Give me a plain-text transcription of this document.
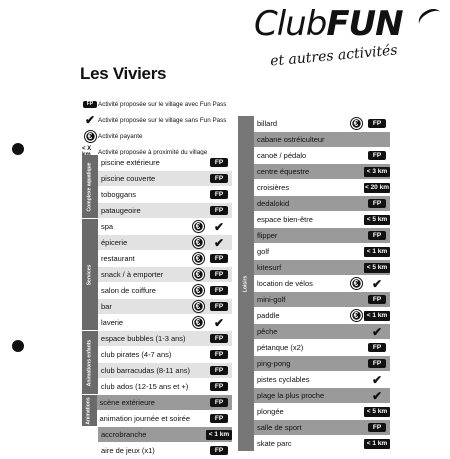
ClubFUN
et autres activités
Les Viviers
FP Activité proposée sur le village avec Fun Pass
✔ Activité proposée sur le village sans Fun Pass
€ Activité payante
< X	Activité proposée à proximité du village
Complexe aquatique	piscine extérieure	FP
piscine couverte	FP
toboggans	FP
pataugeoire	FP
Services
spa	€ ✔
épicerie	€ ✔
restaurant	€	FP
snack / à emporter	€	FP
salon de coiffure	€	FP
bar	€	FP
laverie	€ ✔
Animations enfants
espace bubbles (1-3 ans)	FP
club pirates (4-7 ans)	FP
club barracudas (8-11 ans)	FP
club ados (12-15 ans et +)	FP
Animations	scène extérieure	FP
animation journée et soirée	FP
accrobranche	< 1 km
aire de jeux (x1)	FP
Loisirs
billard	€	FP
cabane ostréiculteur
canoë / pédalo	FP
centre équestre	< 3 km
croisières	< 20 km
dedalokid	FP
espace bien-être	< 5 km
flipper	FP
golf	< 1 km
kitesurf	< 5 km
location de vélos	€ ✔
mini-golf	FP
paddle	€	< 1 km
pêche	✔
pétanque (x2)	FP
ping-pong	FP
pistes cyclables	✔
plage la plus proche	✔
plongée	< 5 km
salle de sport	FP
skate parc	< 1 km
